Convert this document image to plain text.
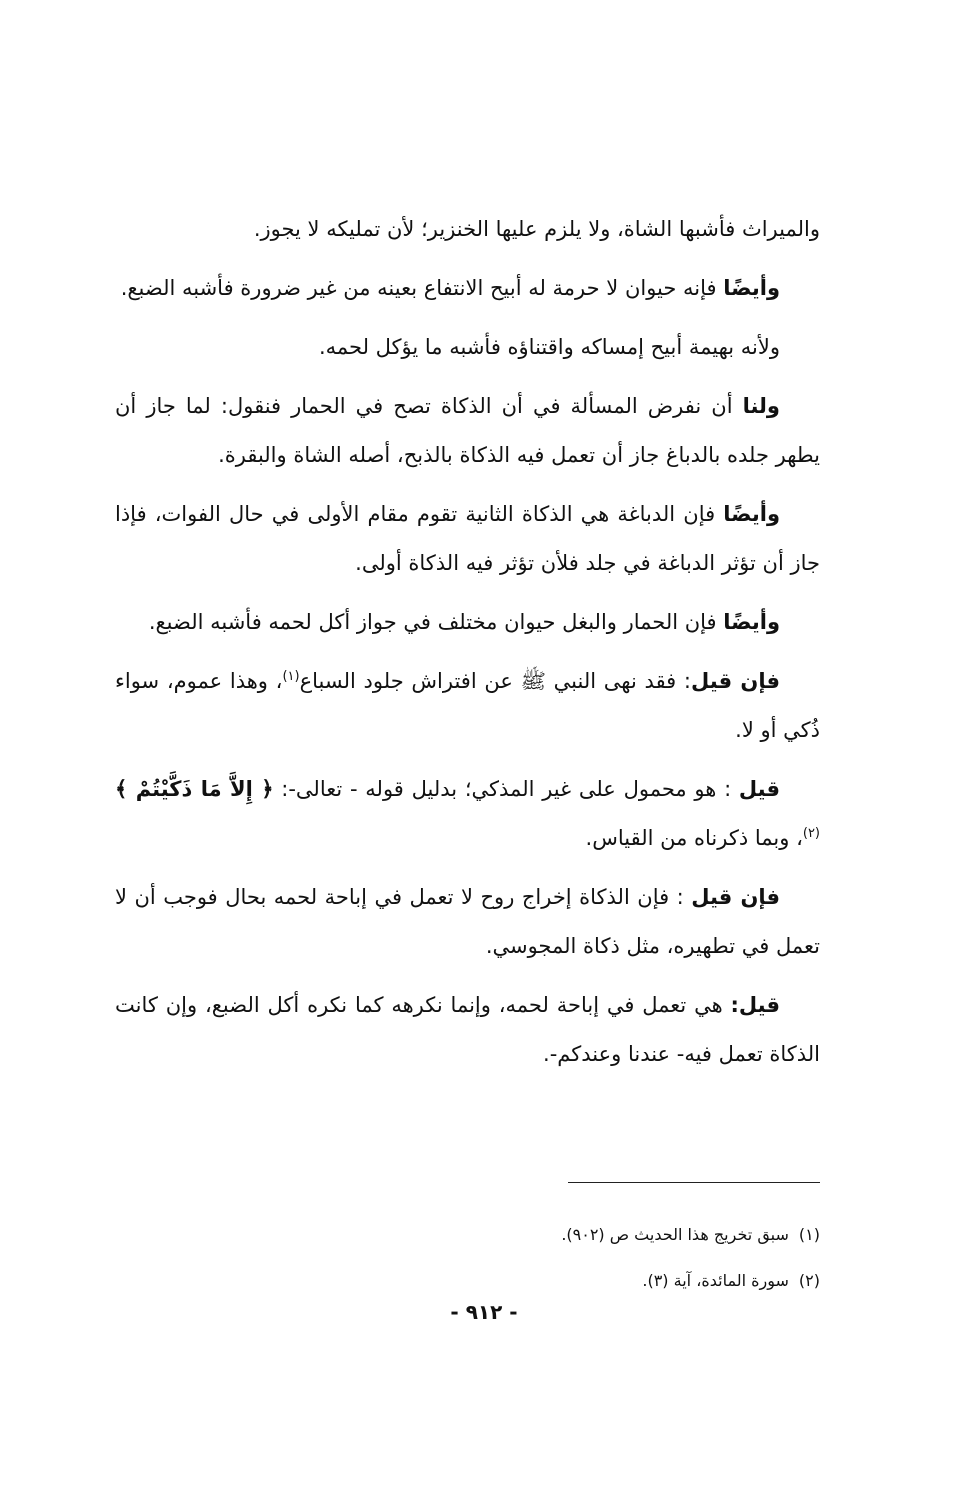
والميراث فأشبها الشاة، ولا يلزم عليها الخنزير؛ لأن تمليكه لا يجوز.

وأيضًا فإنه حيوان لا حرمة له أبيح الانتفاع بعينه من غير ضرورة فأشبه الضبع.

ولأنه بهيمة أبيح إمساكه واقتناؤه فأشبه ما يؤكل لحمه.

ولنا أن نفرض المسألة في أن الذكاة تصح في الحمار فنقول: لما جاز أن يطهر جلده بالدباغ جاز أن تعمل فيه الذكاة بالذبح، أصله الشاة والبقرة.

وأيضًا فإن الدباغة هي الذكاة الثانية تقوم مقام الأولى في حال الفوات، فإذا جاز أن تؤثر الدباغة في جلد فلأن تؤثر فيه الذكاة أولى.

وأيضًا فإن الحمار والبغل حيوان مختلف في جواز أكل لحمه فأشبه الضبع.

فإن قيل: فقد نهى النبي ﷺ عن افتراش جلود السباع$^{(١)}$، وهذا عموم، سواء ذُكي أو لا.

قيل : هو محمول على غير المذكي؛ بدليل قوله - تعالى-: ﴿ إِلاَّ مَا ذَكَّيْتُمْ ﴾$^{(٢)}$، وبما ذكرناه من القياس.

فإن قيل : فإن الذكاة إخراج روح لا تعمل في إباحة لحمه بحال فوجب أن لا تعمل في تطهيره، مثل ذكاة المجوسي.

قيل: هي تعمل في إباحة لحمه، وإنما نكرهه كما نكره أكل الضبع، وإن كانت الذكاة تعمل فيه- عندنا وعندكم-.

(١)سبق تخريج هذا الحديث ص (٩٠٢).

(٢)سورة المائدة، آية (٣).

- ٩١٢ -
